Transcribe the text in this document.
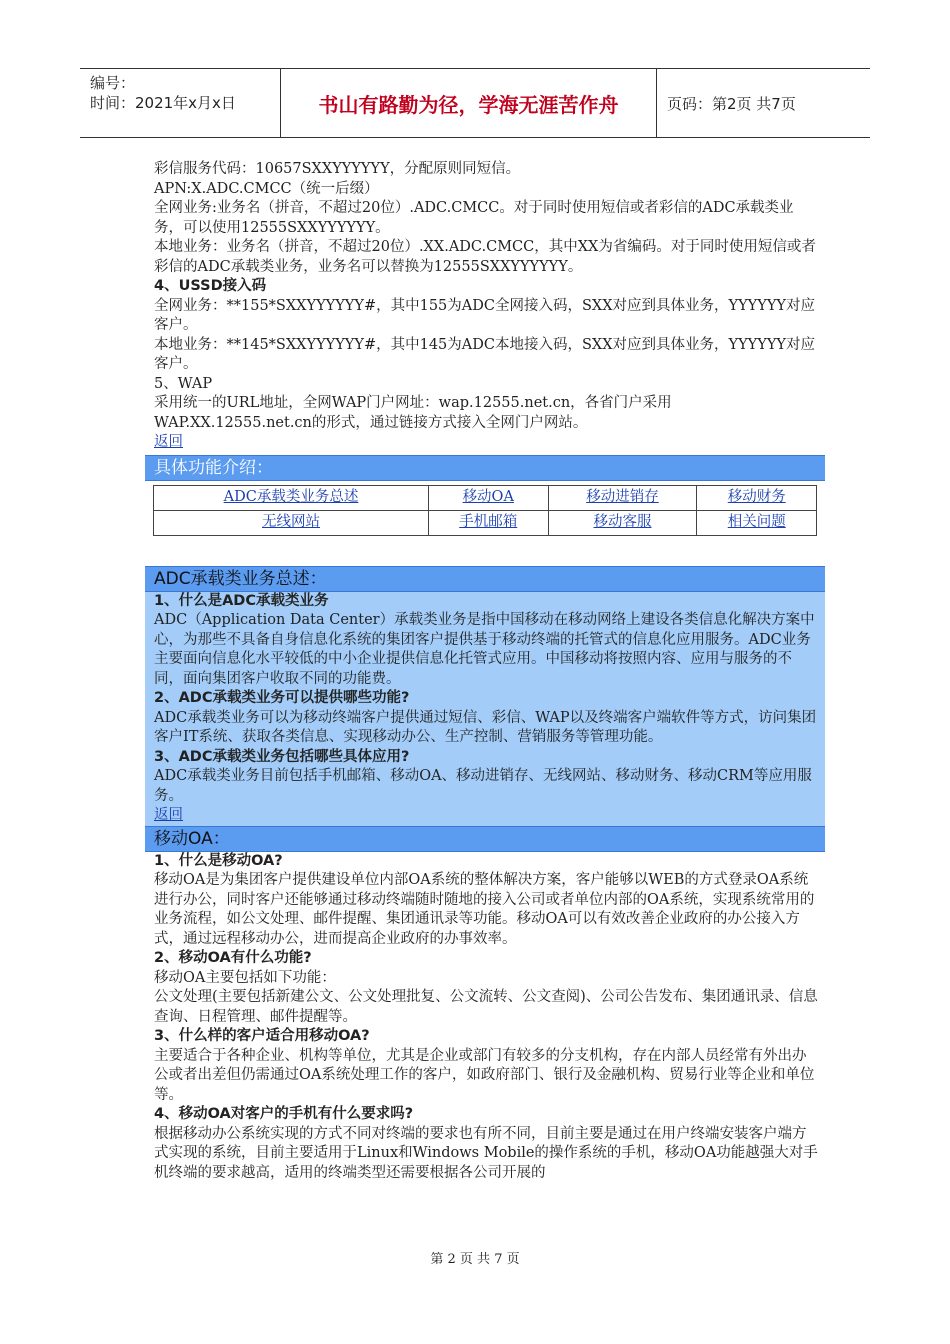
编号：
时间：2021年x月x日	书山有路勤为径，学海无涯苦作舟	页码：第2页 共7页

彩信服务代码：10657SXXYYYYYY，分配原则同短信。

APN:X.ADC.CMCC（统一后缀）

全网业务:业务名（拼音，不超过20位）.ADC.CMCC。对于同时使用短信或者彩信的ADC承载类业务，可以使用12555SXXYYYYYY。

本地业务：业务名（拼音，不超过20位）.XX.ADC.CMCC，其中XX为省编码。对于同时使用短信或者彩信的ADC承载类业务，业务名可以替换为12555SXXYYYYYY。

4、USSD接入码

全网业务：**155*SXXYYYYYY#，其中155为ADC全网接入码，SXX对应到具体业务，YYYYYY对应客户。

本地业务：**145*SXXYYYYYY#，其中145为ADC本地接入码，SXX对应到具体业务，YYYYYY对应客户。

5、WAP

采用统一的URL地址，全网WAP门户网址：wap.12555.net.cn，各省门户采用WAP.XX.12555.net.cn的形式，通过链接方式接入全网门户网站。

返回

具体功能介绍：
ADC承载类业务总述	移动OA	移动进销存	移动财务
无线网站	手机邮箱	移动客服	相关问题
ADC承载类业务总述：

1、什么是ADC承载类业务

ADC（Application Data Center）承载类业务是指中国移动在移动网络上建设各类信息化解决方案中心，为那些不具备自身信息化系统的集团客户提供基于移动终端的托管式的信息化应用服务。ADC业务主要面向信息化水平较低的中小企业提供信息化托管式应用。中国移动将按照内容、应用与服务的不同，面向集团客户收取不同的功能费。

2、ADC承载类业务可以提供哪些功能?

ADC承载类业务可以为移动终端客户提供通过短信、彩信、WAP以及终端客户端软件等方式，访问集团客户IT系统、获取各类信息、实现移动办公、生产控制、营销服务等管理功能。

3、ADC承载类业务包括哪些具体应用?

ADC承载类业务目前包括手机邮箱、移动OA、移动进销存、无线网站、移动财务、移动CRM等应用服务。

返回

移动OA：

1、什么是移动OA?

移动OA是为集团客户提供建设单位内部OA系统的整体解决方案，客户能够以WEB的方式登录OA系统进行办公，同时客户还能够通过移动终端随时随地的接入公司或者单位内部的OA系统，实现系统常用的业务流程，如公文处理、邮件提醒、集团通讯录等功能。移动OA可以有效改善企业政府的办公接入方式，通过远程移动办公，进而提高企业政府的办事效率。

2、移动OA有什么功能?

移动OA主要包括如下功能：

公文处理(主要包括新建公文、公文处理批复、公文流转、公文查阅)、公司公告发布、集团通讯录、信息查询、日程管理、邮件提醒等。

3、什么样的客户适合用移动OA?

主要适合于各种企业、机构等单位，尤其是企业或部门有较多的分支机构，存在内部人员经常有外出办公或者出差但仍需通过OA系统处理工作的客户，如政府部门、银行及金融机构、贸易行业等企业和单位等。

4、移动OA对客户的手机有什么要求吗?

根据移动办公系统实现的方式不同对终端的要求也有所不同，目前主要是通过在用户终端安装客户端方式实现的系统，目前主要适用于Linux和Windows Mobile的操作系统的手机，移动OA功能越强大对手机终端的要求越高，适用的终端类型还需要根据各公司开展的

第 2 页 共 7 页
